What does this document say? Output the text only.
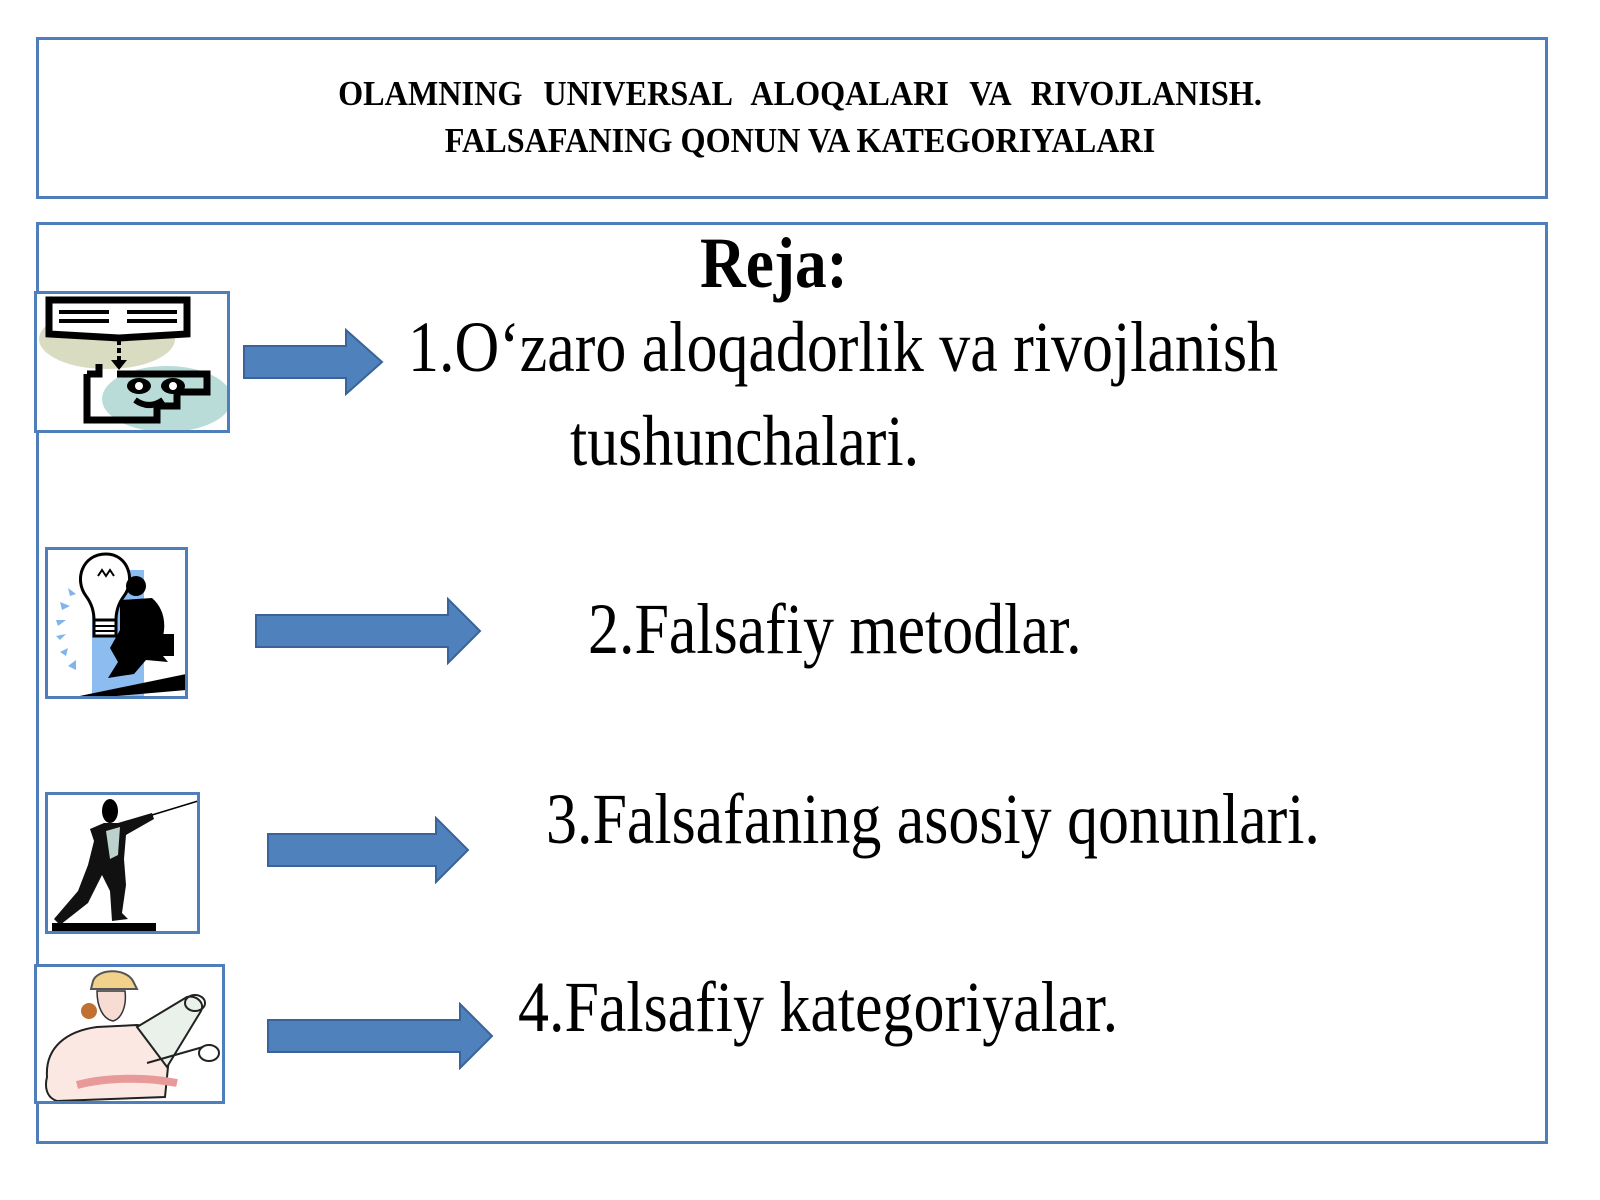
OLAMNING UNIVERSAL ALOQALARI VA RIVOJLANISH.
FALSAFANING QONUN VA KATEGORIYALARI
Reja:
1.O‘zaro aloqadorlik va rivojlanish
tushunchalari.
2.Falsafiy metodlar.
3.Falsafaning asosiy qonunlari.
4.Falsafiy kategoriyalar.
